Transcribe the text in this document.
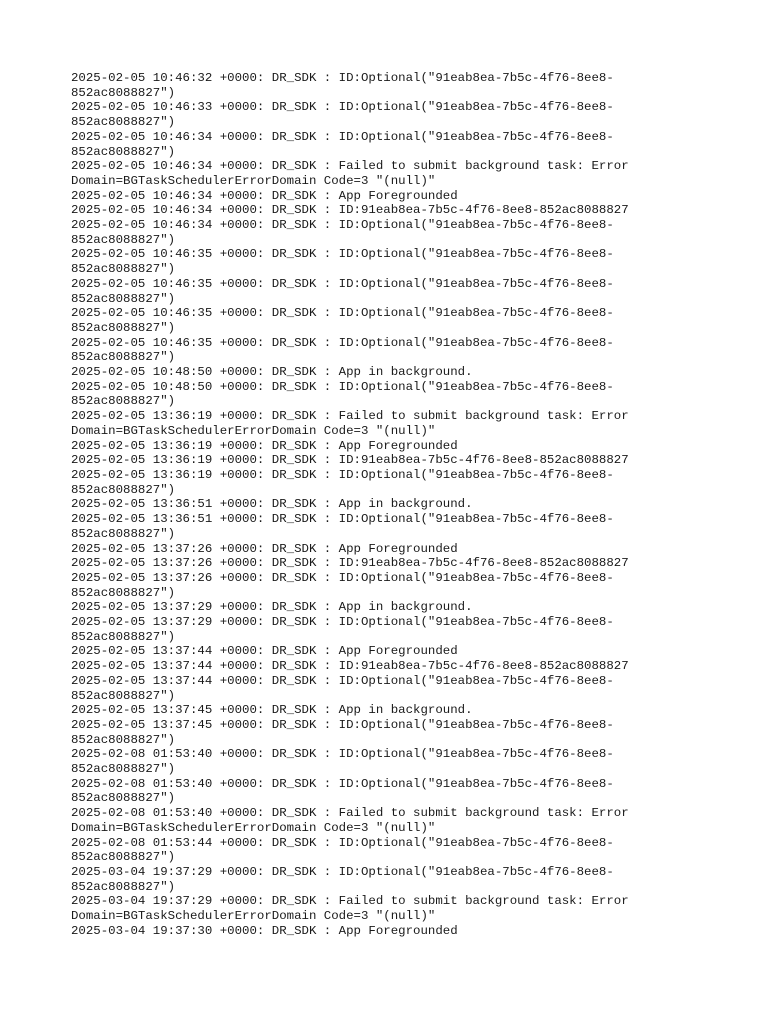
2025-02-05 10:46:32 +0000: DR_SDK : ID:Optional("91eab8ea-7b5c-4f76-8ee8-
852ac8088827")
2025-02-05 10:46:33 +0000: DR_SDK : ID:Optional("91eab8ea-7b5c-4f76-8ee8-
852ac8088827")
2025-02-05 10:46:34 +0000: DR_SDK : ID:Optional("91eab8ea-7b5c-4f76-8ee8-
852ac8088827")
2025-02-05 10:46:34 +0000: DR_SDK : Failed to submit background task: Error
Domain=BGTaskSchedulerErrorDomain Code=3 "(null)"
2025-02-05 10:46:34 +0000: DR_SDK : App Foregrounded
2025-02-05 10:46:34 +0000: DR_SDK : ID:91eab8ea-7b5c-4f76-8ee8-852ac8088827
2025-02-05 10:46:34 +0000: DR_SDK : ID:Optional("91eab8ea-7b5c-4f76-8ee8-
852ac8088827")
2025-02-05 10:46:35 +0000: DR_SDK : ID:Optional("91eab8ea-7b5c-4f76-8ee8-
852ac8088827")
2025-02-05 10:46:35 +0000: DR_SDK : ID:Optional("91eab8ea-7b5c-4f76-8ee8-
852ac8088827")
2025-02-05 10:46:35 +0000: DR_SDK : ID:Optional("91eab8ea-7b5c-4f76-8ee8-
852ac8088827")
2025-02-05 10:46:35 +0000: DR_SDK : ID:Optional("91eab8ea-7b5c-4f76-8ee8-
852ac8088827")
2025-02-05 10:48:50 +0000: DR_SDK : App in background.
2025-02-05 10:48:50 +0000: DR_SDK : ID:Optional("91eab8ea-7b5c-4f76-8ee8-
852ac8088827")
2025-02-05 13:36:19 +0000: DR_SDK : Failed to submit background task: Error
Domain=BGTaskSchedulerErrorDomain Code=3 "(null)"
2025-02-05 13:36:19 +0000: DR_SDK : App Foregrounded
2025-02-05 13:36:19 +0000: DR_SDK : ID:91eab8ea-7b5c-4f76-8ee8-852ac8088827
2025-02-05 13:36:19 +0000: DR_SDK : ID:Optional("91eab8ea-7b5c-4f76-8ee8-
852ac8088827")
2025-02-05 13:36:51 +0000: DR_SDK : App in background.
2025-02-05 13:36:51 +0000: DR_SDK : ID:Optional("91eab8ea-7b5c-4f76-8ee8-
852ac8088827")
2025-02-05 13:37:26 +0000: DR_SDK : App Foregrounded
2025-02-05 13:37:26 +0000: DR_SDK : ID:91eab8ea-7b5c-4f76-8ee8-852ac8088827
2025-02-05 13:37:26 +0000: DR_SDK : ID:Optional("91eab8ea-7b5c-4f76-8ee8-
852ac8088827")
2025-02-05 13:37:29 +0000: DR_SDK : App in background.
2025-02-05 13:37:29 +0000: DR_SDK : ID:Optional("91eab8ea-7b5c-4f76-8ee8-
852ac8088827")
2025-02-05 13:37:44 +0000: DR_SDK : App Foregrounded
2025-02-05 13:37:44 +0000: DR_SDK : ID:91eab8ea-7b5c-4f76-8ee8-852ac8088827
2025-02-05 13:37:44 +0000: DR_SDK : ID:Optional("91eab8ea-7b5c-4f76-8ee8-
852ac8088827")
2025-02-05 13:37:45 +0000: DR_SDK : App in background.
2025-02-05 13:37:45 +0000: DR_SDK : ID:Optional("91eab8ea-7b5c-4f76-8ee8-
852ac8088827")
2025-02-08 01:53:40 +0000: DR_SDK : ID:Optional("91eab8ea-7b5c-4f76-8ee8-
852ac8088827")
2025-02-08 01:53:40 +0000: DR_SDK : ID:Optional("91eab8ea-7b5c-4f76-8ee8-
852ac8088827")
2025-02-08 01:53:40 +0000: DR_SDK : Failed to submit background task: Error
Domain=BGTaskSchedulerErrorDomain Code=3 "(null)"
2025-02-08 01:53:44 +0000: DR_SDK : ID:Optional("91eab8ea-7b5c-4f76-8ee8-
852ac8088827")
2025-03-04 19:37:29 +0000: DR_SDK : ID:Optional("91eab8ea-7b5c-4f76-8ee8-
852ac8088827")
2025-03-04 19:37:29 +0000: DR_SDK : Failed to submit background task: Error
Domain=BGTaskSchedulerErrorDomain Code=3 "(null)"
2025-03-04 19:37:30 +0000: DR_SDK : App Foregrounded
